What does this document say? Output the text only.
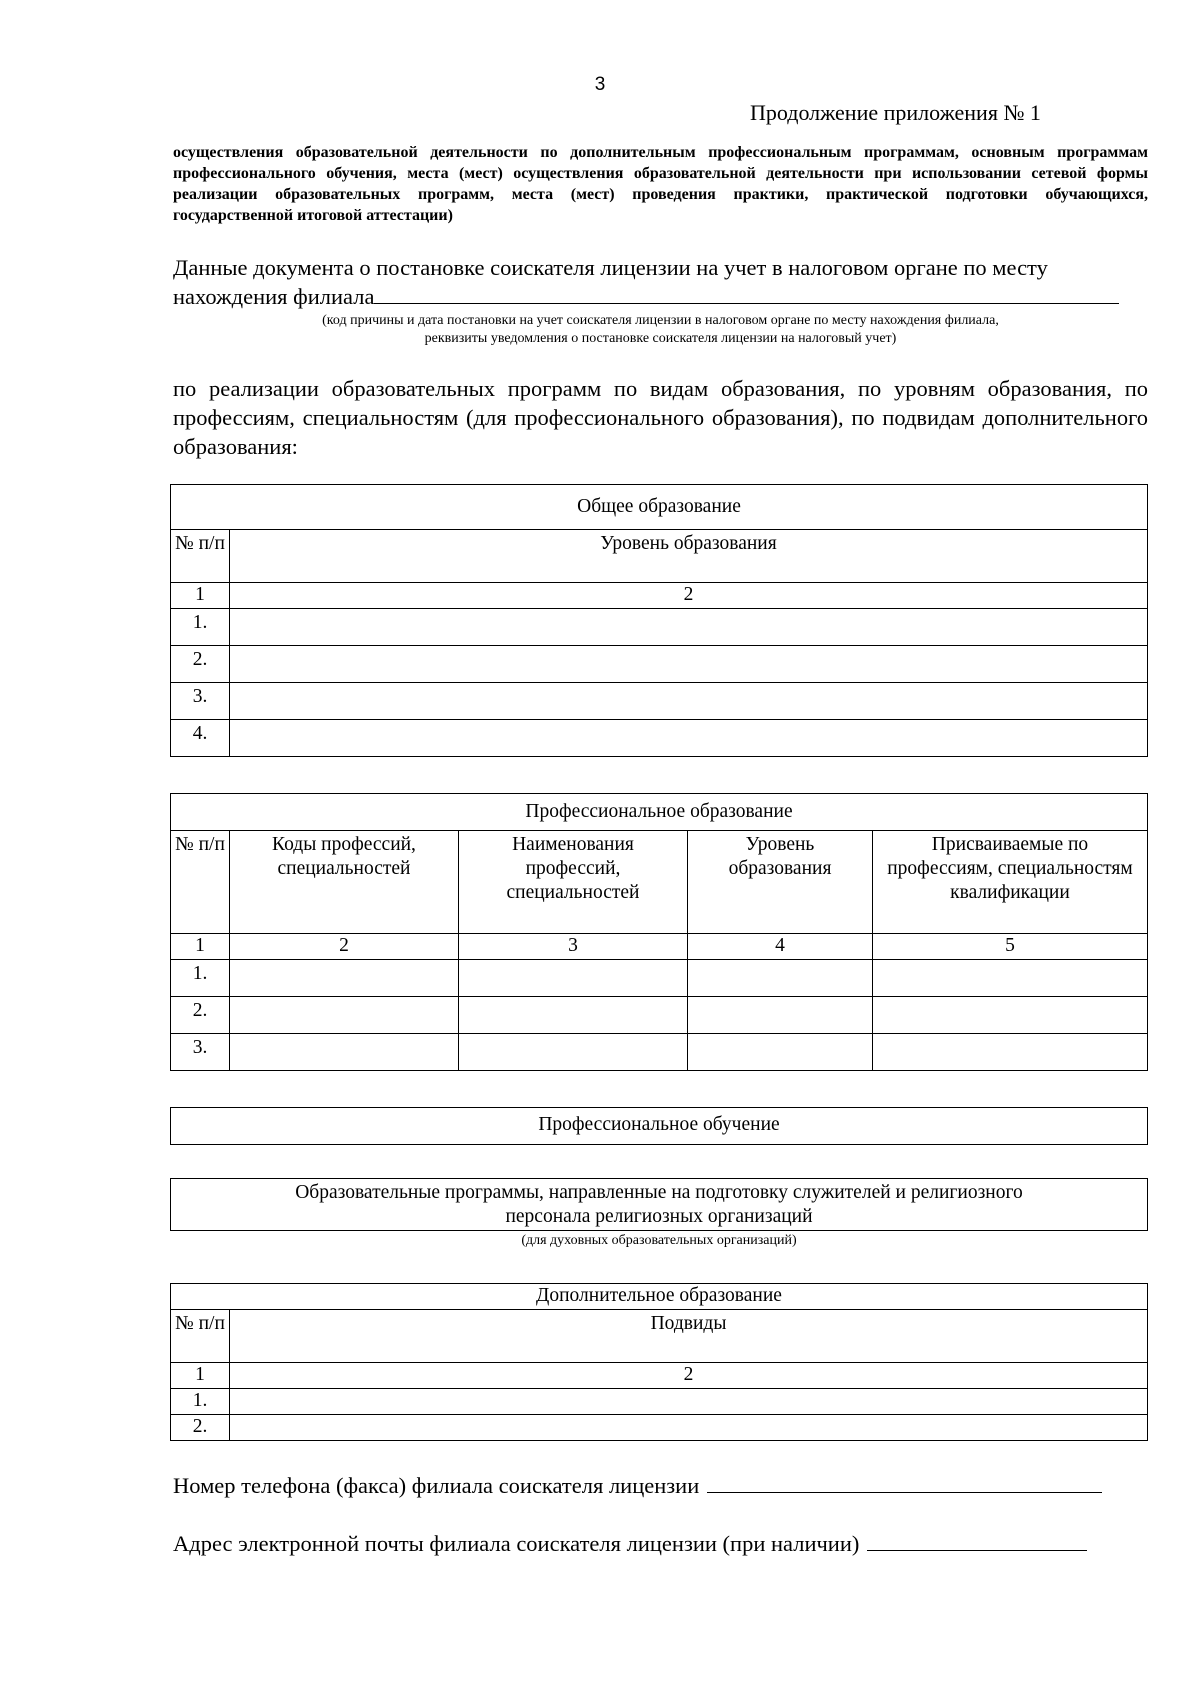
3
Продолжение приложения № 1
осуществления образовательной деятельности по дополнительным профессиональным программам, основным программам профессионального обучения, места (мест) осуществления образовательной деятельности при использовании сетевой формы реализации образовательных программ, места (мест) проведения практики, практической подготовки обучающихся, государственной итоговой аттестации)
Данные документа о постановке соискателя лицензии на учет в налоговом органе по месту
нахождения филиала
(код причины и дата постановки на учет соискателя лицензии в налоговом органе по месту нахождения филиала,
реквизиты уведомления о постановке соискателя лицензии на налоговый учет)
по реализации образовательных программ по видам образования, по уровням образования, по профессиям, специальностям (для профессионального образования), по подвидам дополнительного образования:
Общее образование	
№ п/п	Уровень образования
1	2
1.	
2.	
3.	
4.	
Профессиональное образование				
№ п/п	Коды профессий, специальностей	Наименования профессий, специальностей	Уровень образования	Присваиваемые по профессиям, специальностям квалификации
1	2	3	4	5
1.				
2.				
3.				
Профессиональное обучение
Образовательные программы, направленные на подготовку служителей и религиозного
персонала религиозных организаций
(для духовных образовательных организаций)
Дополнительное образование	
№ п/п	Подвиды
1	2
1.	
2.	
Номер телефона (факса) филиала соискателя лицензии
Адрес электронной почты филиала соискателя лицензии (при наличии)
